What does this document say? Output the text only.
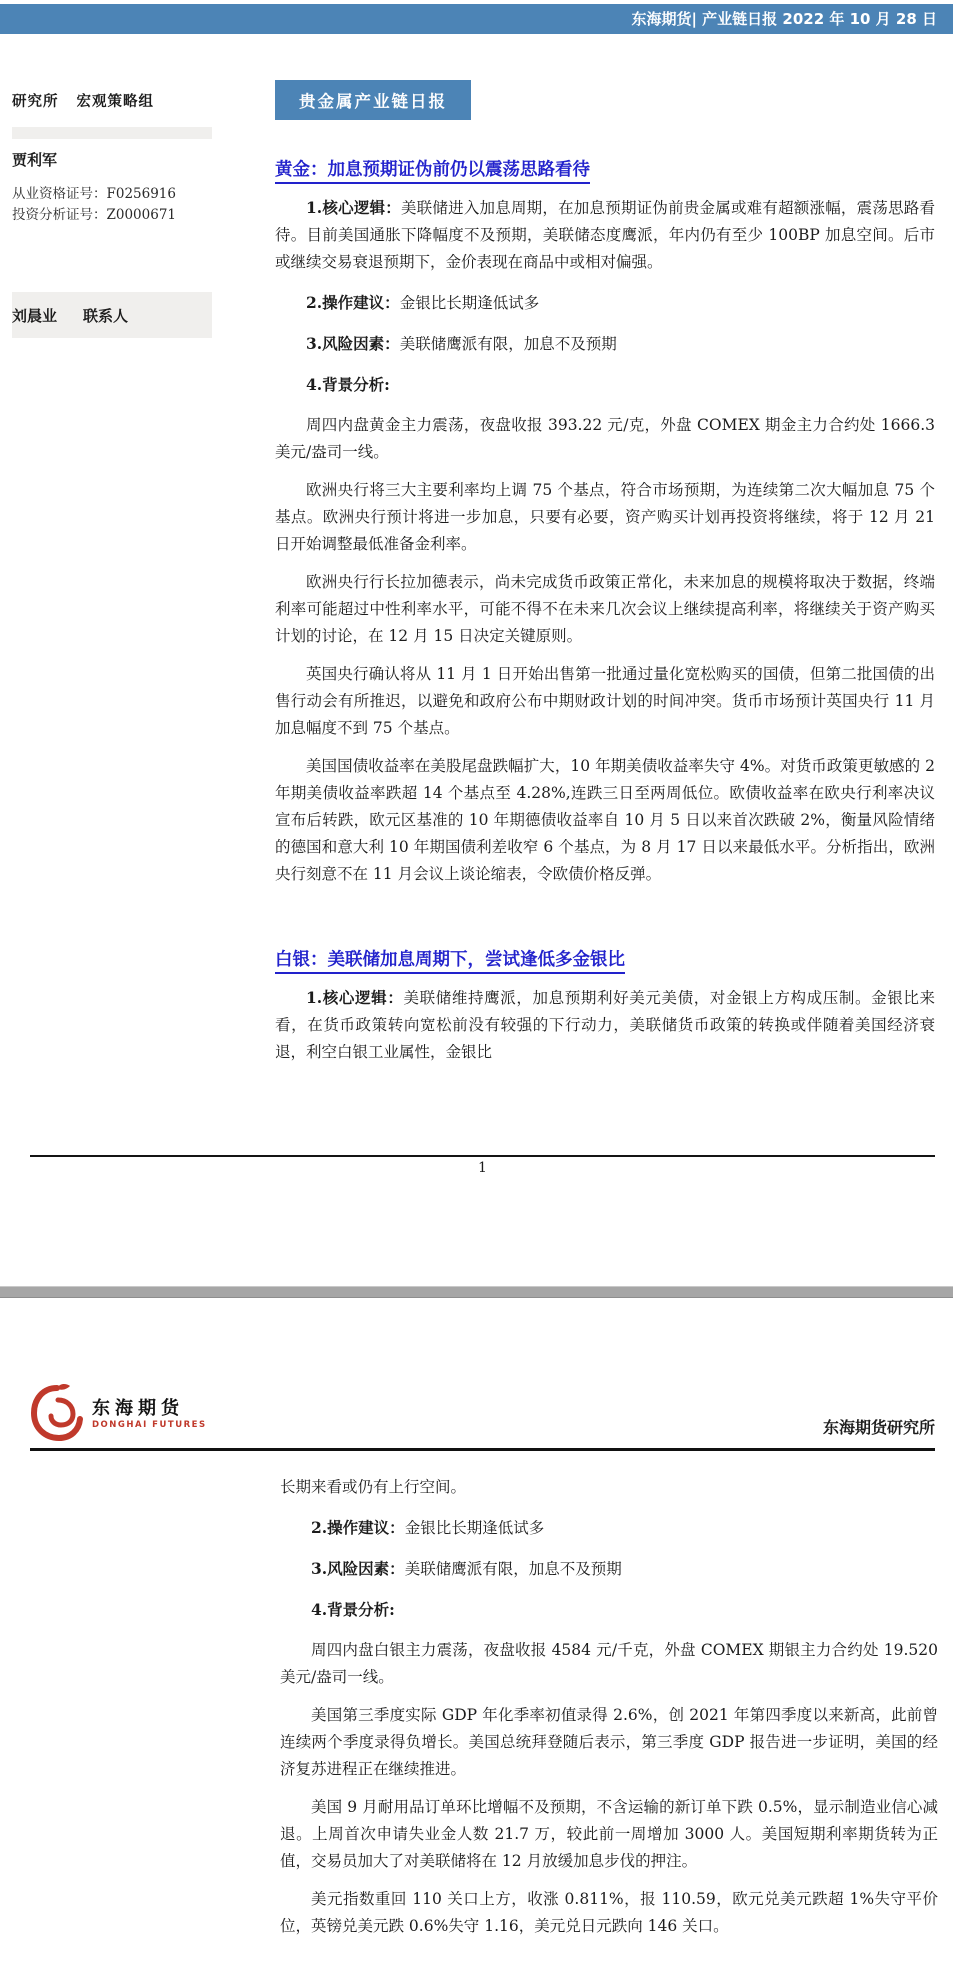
东海期货| 产业链日报 2022 年 10 月 28 日
研究所 宏观策略组
贾利军
从业资格证号：F0256916
投资分析证号：Z0000671
刘晨业 联系人
贵金属产业链日报
黄金：加息预期证伪前仍以震荡思路看待

1.核心逻辑：美联储进入加息周期，在加息预期证伪前贵金属或难有超额涨幅，震荡思路看待。目前美国通胀下降幅度不及预期，美联储态度鹰派，年内仍有至少 100BP 加息空间。后市或继续交易衰退预期下，金价表现在商品中或相对偏强。

2.操作建议：金银比长期逢低试多

3.风险因素：美联储鹰派有限，加息不及预期

4.背景分析:

周四内盘黄金主力震荡，夜盘收报 393.22 元/克，外盘 COMEX 期金主力合约处 1666.3 美元/盎司一线。

欧洲央行将三大主要利率均上调 75 个基点，符合市场预期，为连续第二次大幅加息 75 个基点。欧洲央行预计将进一步加息，只要有必要，资产购买计划再投资将继续，将于 12 月 21 日开始调整最低准备金利率。

欧洲央行行长拉加德表示，尚未完成货币政策正常化，未来加息的规模将取决于数据，终端利率可能超过中性利率水平，可能不得不在未来几次会议上继续提高利率，将继续关于资产购买计划的讨论，在 12 月 15 日决定关键原则。

英国央行确认将从 11 月 1 日开始出售第一批通过量化宽松购买的国债，但第二批国债的出售行动会有所推迟，以避免和政府公布中期财政计划的时间冲突。货币市场预计英国央行 11 月加息幅度不到 75 个基点。

美国国债收益率在美股尾盘跌幅扩大，10 年期美债收益率失守 4%。对货币政策更敏感的 2 年期美债收益率跌超 14 个基点至 4.28%,连跌三日至两周低位。欧债收益率在欧央行利率决议宣布后转跌，欧元区基准的 10 年期德债收益率自 10 月 5 日以来首次跌破 2%，衡量风险情绪的德国和意大利 10 年期国债利差收窄 6 个基点，为 8 月 17 日以来最低水平。分析指出，欧洲央行刻意不在 11 月会议上谈论缩表，令欧债价格反弹。

白银：美联储加息周期下，尝试逢低多金银比

1.核心逻辑：美联储维持鹰派，加息预期利好美元美债，对金银上方构成压制。金银比来看，在货币政策转向宽松前没有较强的下行动力，美联储货币政策的转换或伴随着美国经济衰退，利空白银工业属性，金银比

1
东海期货
DONGHAI FUTURES	东海期货研究所

长期来看或仍有上行空间。

2.操作建议：金银比长期逢低试多

3.风险因素：美联储鹰派有限，加息不及预期

4.背景分析:

周四内盘白银主力震荡，夜盘收报 4584 元/千克，外盘 COMEX 期银主力合约处 19.520 美元/盎司一线。

美国第三季度实际 GDP 年化季率初值录得 2.6%，创 2021 年第四季度以来新高，此前曾连续两个季度录得负增长。美国总统拜登随后表示，第三季度 GDP 报告进一步证明，美国的经济复苏进程正在继续推进。

美国 9 月耐用品订单环比增幅不及预期，不含运输的新订单下跌 0.5%，显示制造业信心减退。上周首次申请失业金人数 21.7 万，较此前一周增加 3000 人。美国短期利率期货转为正值，交易员加大了对美联储将在 12 月放缓加息步伐的押注。

美元指数重回 110 关口上方，收涨 0.811%，报 110.59，欧元兑美元跌超 1%失守平价位，英镑兑美元跌 0.6%失守 1.16，美元兑日元跌向 146 关口。
